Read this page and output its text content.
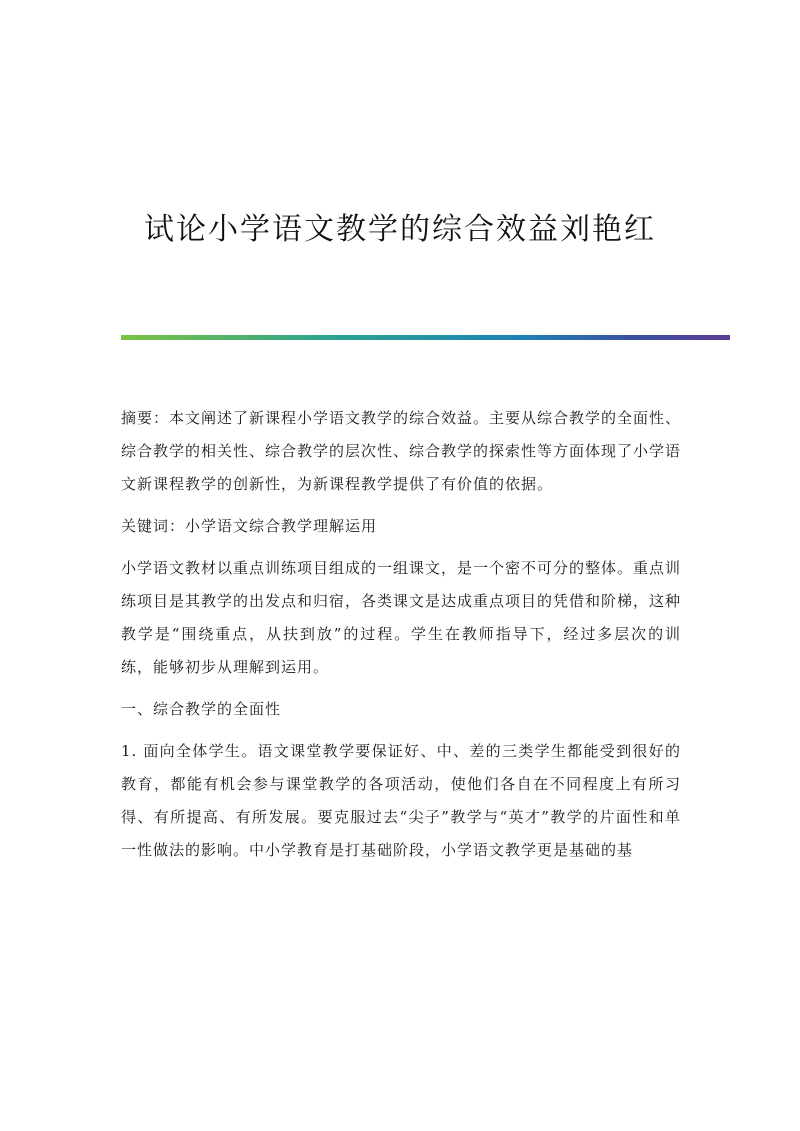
试论小学语文教学的综合效益刘艳红

摘要：本文阐述了新课程小学语文教学的综合效益。主要从综合教学的全面性、综合教学的相关性、综合教学的层次性、综合教学的探索性等方面体现了小学语文新课程教学的创新性，为新课程教学提供了有价值的依据。

关键词：小学语文综合教学理解运用

小学语文教材以重点训练项目组成的一组课文，是一个密不可分的整体。重点训练项目是其教学的出发点和归宿，各类课文是达成重点项目的凭借和阶梯，这种教学是“围绕重点，从扶到放”的过程。学生在教师指导下，经过多层次的训练，能够初步从理解到运用。

一、综合教学的全面性

1. 面向全体学生。语文课堂教学要保证好、中、差的三类学生都能受到很好的教育，都能有机会参与课堂教学的各项活动，使他们各自在不同程度上有所习得、有所提高、有所发展。要克服过去“尖子”教学与“英才”教学的片面性和单一性做法的影响。中小学教育是打基础阶段，小学语文教学更是基础的基
